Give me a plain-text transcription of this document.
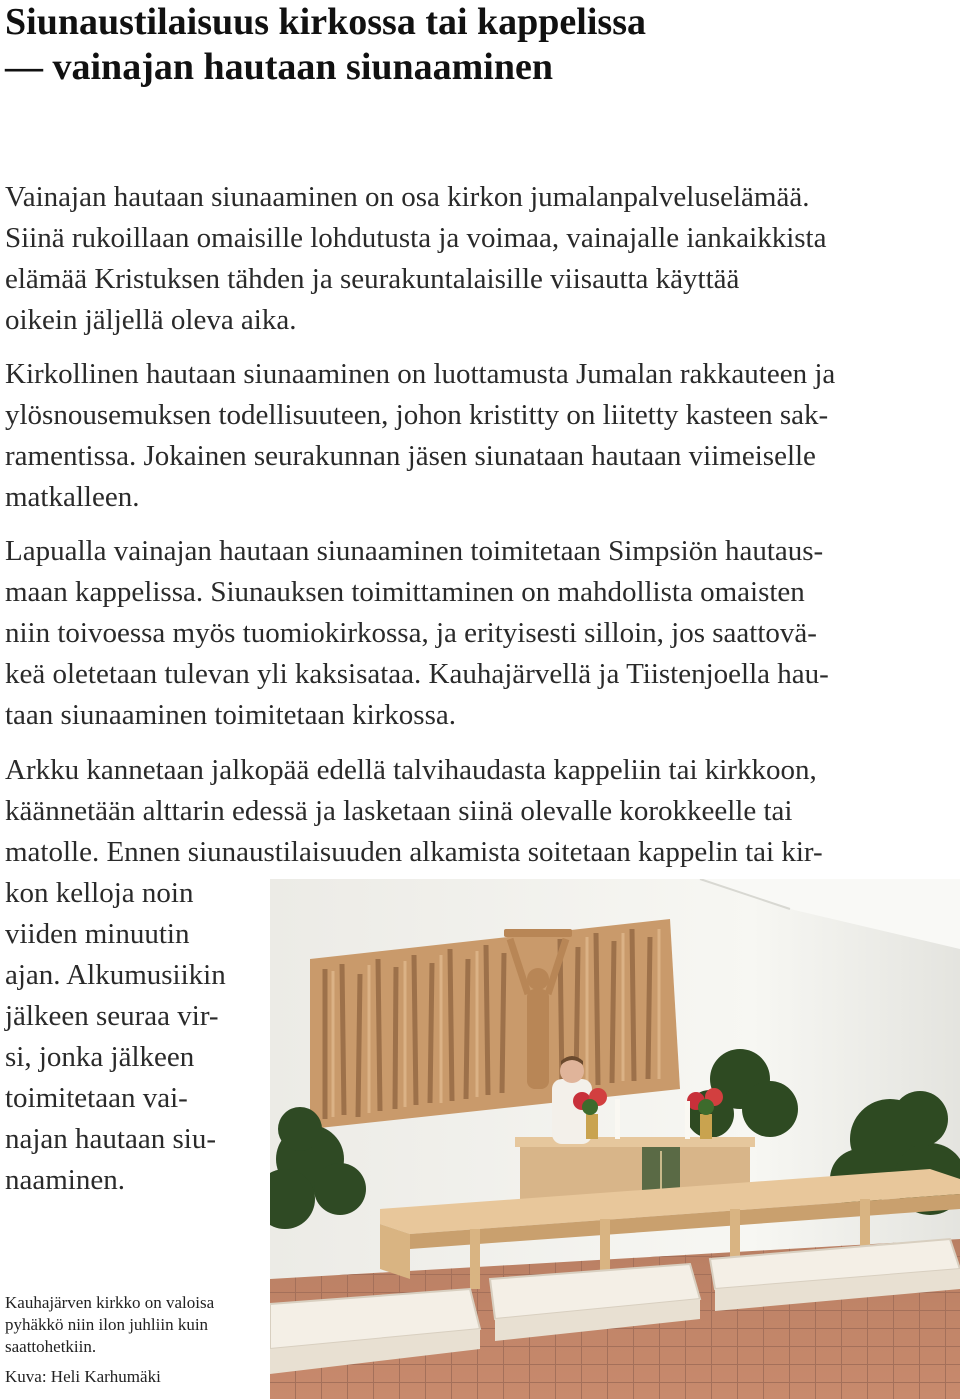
Siunaustilaisuus kirkossa tai kappelissa
— vainajan hautaan siunaaminen

Vainajan hautaan siunaaminen on osa kirkon jumalanpalveluselämää.
Siinä rukoillaan omaisille lohdutusta ja voimaa, vainajalle iankaikkista
elämää Kristuksen tähden ja seurakuntalaisille viisautta käyttää
oikein jäljellä oleva aika.

Kirkollinen hautaan siunaaminen on luottamusta Jumalan rakkauteen ja
ylösnousemuksen todellisuuteen, johon kristitty on liitetty kasteen sak-
ramentissa. Jokainen seurakunnan jäsen siunataan hautaan viimeiselle
matkalleen.

Lapualla vainajan hautaan siunaaminen toimitetaan Simpsiön hautaus-
maan kappelissa. Siunauksen toimittaminen on mahdollista omaisten
niin toivoessa myös tuomiokirkossa, ja erityisesti silloin, jos saattovä-
keä oletetaan tulevan yli kaksisataa. Kauhajärvellä ja Tiistenjoella hau-
taan siunaaminen toimitetaan kirkossa.

Arkku kannetaan jalkopää edellä talvihaudasta kappeliin tai kirkkoon,
käännetään alttarin edessä ja lasketaan siinä olevalle korokkeelle tai
matolle. Ennen siunaustilaisuuden alkamista soitetaan kappelin tai kir-

kon kelloja noin
viiden minuutin
ajan. Alkumusiikin
jälkeen seuraa vir-
si, jonka jälkeen
toimitetaan vai-
najan hautaan siu-
naaminen.

Kauhajärven kirkko on valoisa
pyhäkkö niin ilon juhliin kuin
saattohetkiin.
Kuva: Heli Karhumäki
